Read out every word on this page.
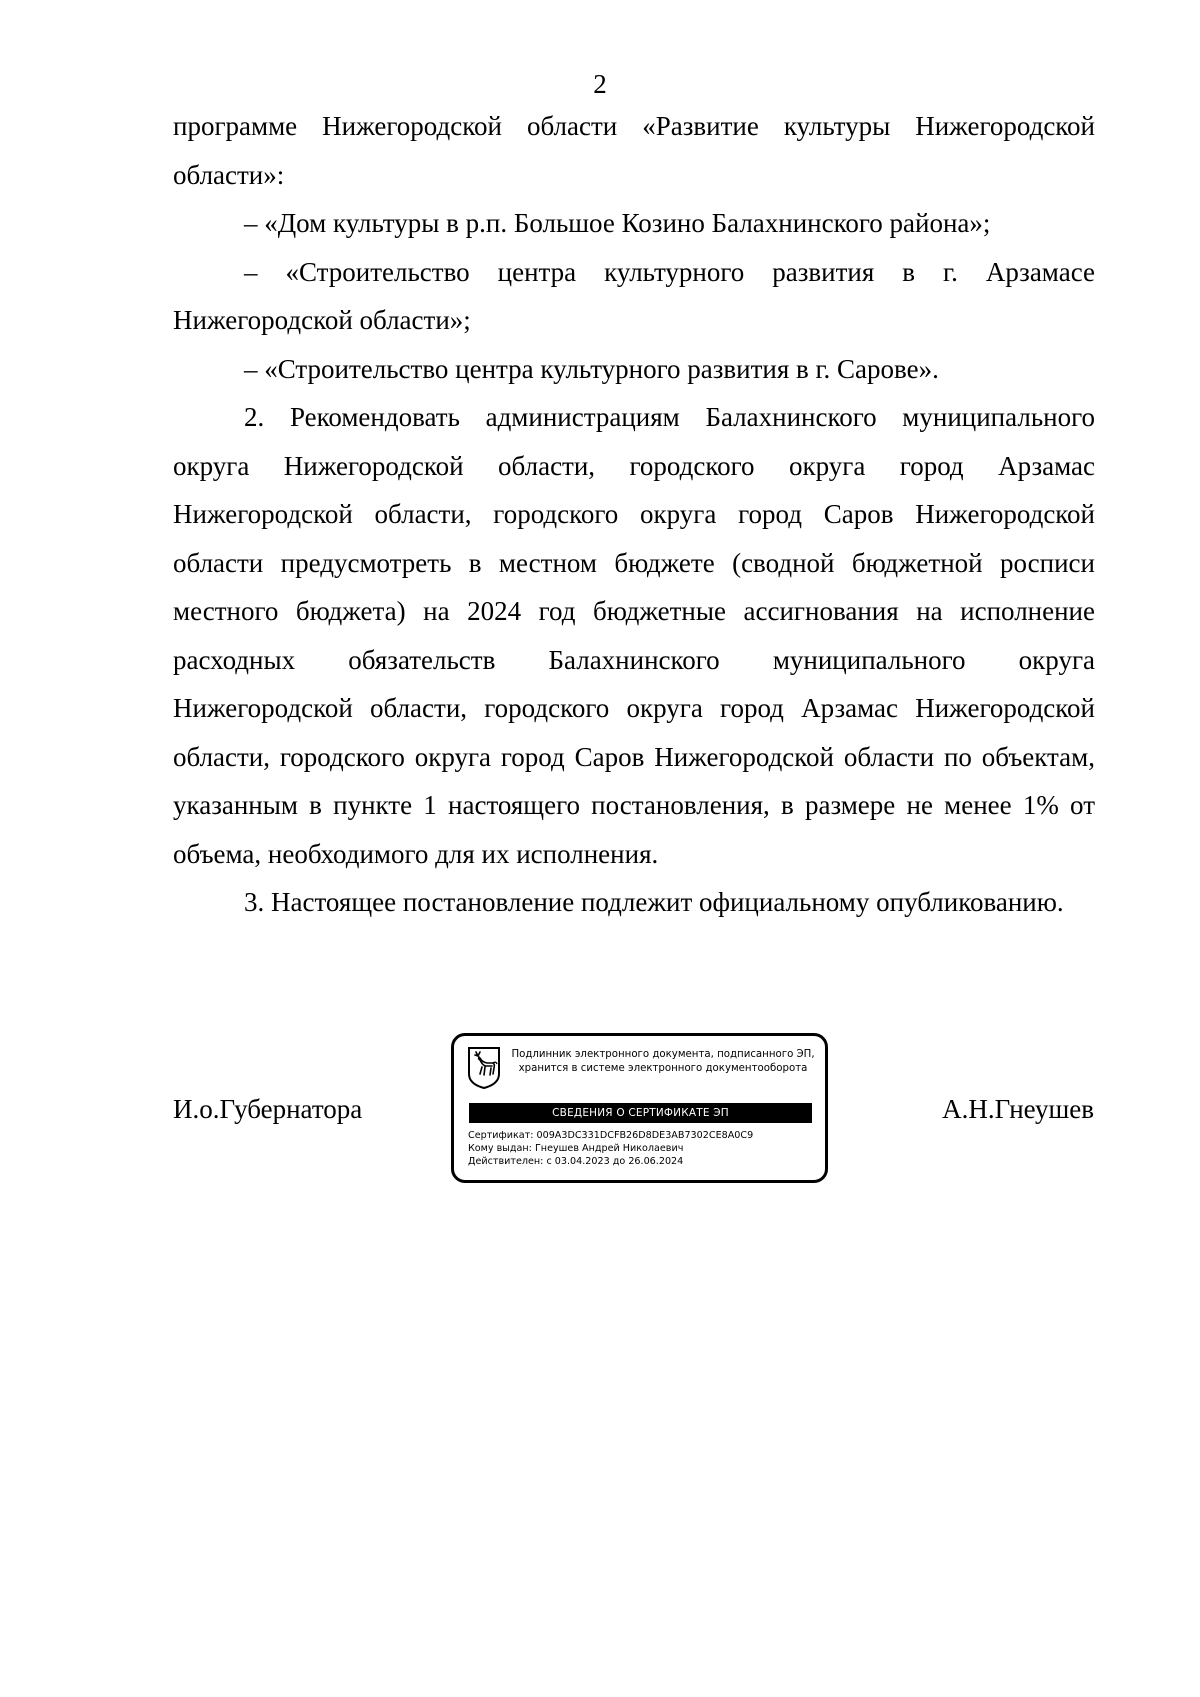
2

программе Нижегородской области «Развитие культуры Нижегородской области»:

– «Дом культуры в р.п. Большое Козино Балахнинского района»;

– «Строительство центра культурного развития в г. Арзамасе Нижегородской области»;

– «Строительство центра культурного развития в г. Сарове».

2. Рекомендовать администрациям Балахнинского муниципального округа Нижегородской области, городского округа город Арзамас Нижегородской области, городского округа город Саров Нижегородской области предусмотреть в местном бюджете (сводной бюджетной росписи местного бюджета) на 2024 год бюджетные ассигнования на исполнение расходных обязательств Балахнинского муниципального округа Нижегородской области, городского округа город Арзамас Нижегородской области, городского округа город Саров Нижегородской области по объектам, указанным в пункте 1 настоящего постановления, в размере не менее 1% от объема, необходимого для их исполнения.

3. Настоящее постановление подлежит официальному опубликованию.

И.о.Губернатора
Подлинник электронного документа, подписанного ЭП,
хранится в системе электронного документооборота
СВЕДЕНИЯ О СЕРТИФИКАТЕ ЭП
Сертификат: 009A3DC331DCFB26D8DE3AB7302CE8A0C9
Кому выдан: Гнеушев Андрей Николаевич
Действителен: с 03.04.2023 до 26.06.2024
А.Н.Гнеушев
